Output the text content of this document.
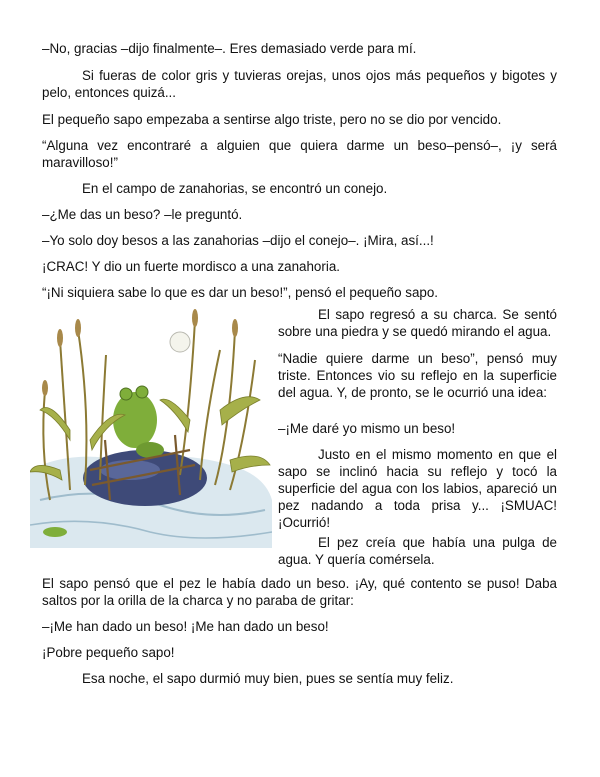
–No, gracias –dijo finalmente–. Eres demasiado verde para mí.

Si fueras de color gris y tuvieras orejas, unos ojos más pequeños y bigotes y pelo, entonces quizá...

El pequeño sapo empezaba a sentirse algo triste, pero no se dio por vencido.

“Alguna vez encontraré a alguien que quiera darme un beso–pensó–, ¡y será maravilloso!”

En el campo de zanahorias, se encontró un conejo.

–¿Me das un beso? –le preguntó.

–Yo solo doy besos a las zanahorias –dijo el conejo–. ¡Mira, así...!

¡CRAC! Y dio un fuerte mordisco a una zanahoria.

“¡Ni siquiera sabe lo que es dar un beso!”, pensó el pequeño sapo.

El sapo regresó a su charca. Se sentó sobre una piedra y se quedó mirando el agua.

“Nadie quiere darme un beso”, pensó muy triste. Entonces vio su reflejo en la superficie del agua. Y, de pronto, se le ocurrió una idea:

–¡Me daré yo mismo un beso!

Justo en el mismo momento en que el sapo se inclinó hacia su reflejo y tocó la superficie del agua con los labios, apareció un pez nadando a toda prisa y... ¡SMUAC! ¡Ocurrió!

El pez creía que había una pulga de agua. Y quería comérsela.

El sapo pensó que el pez le había dado un beso. ¡Ay, qué contento se puso! Daba saltos por la orilla de la charca y no paraba de gritar:

–¡Me han dado un beso! ¡Me han dado un beso!

¡Pobre pequeño sapo!

Esa noche, el sapo durmió muy bien, pues se sentía muy feliz.
